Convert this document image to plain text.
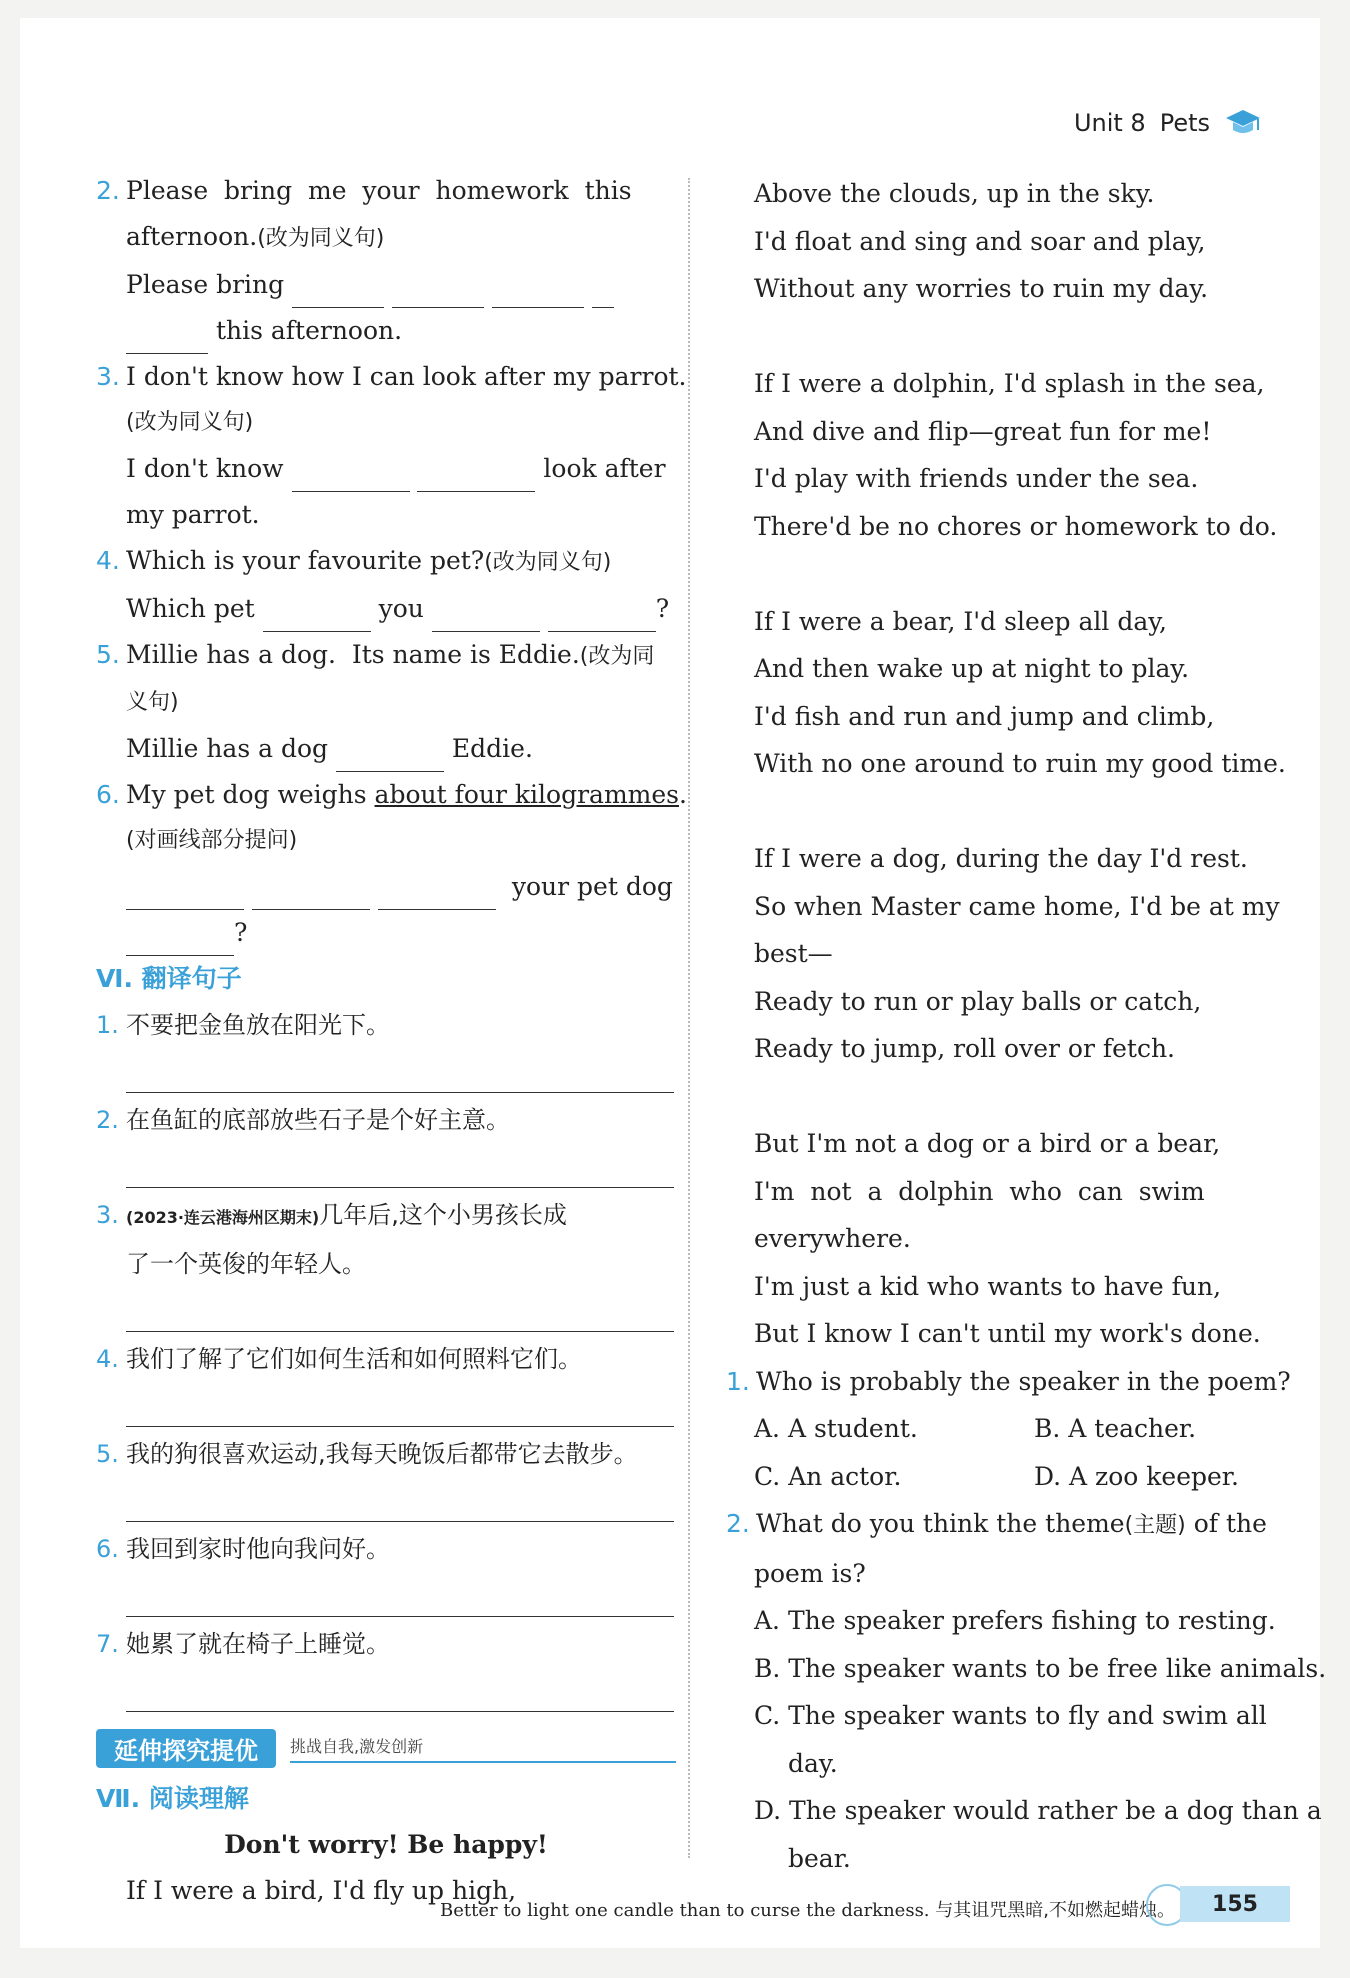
Unit 8 Pets
2. Please  bring  me  your  homework  this
afternoon.(改为同义句)
Please bring
this afternoon.
3. I don't know how I can look after my parrot.
(改为同义句)
I don't know	look after
my parrot.
4. Which is your favourite pet?(改为同义句)
Which pet	you	?
5. Millie has a dog.  Its name is Eddie.(改为同
义句)
Millie has a dog	Eddie.
6. My pet dog weighs about four kilogrammes.
(对画线部分提问)
your pet dog
?
Ⅵ. 翻译句子
1. 不要把金鱼放在阳光下。
2. 在鱼缸的底部放些石子是个好主意。
3. (2023·连云港海州区期末)几年后,这个小男孩长成
了一个英俊的年轻人。
4. 我们了解了它们如何生活和如何照料它们。
5. 我的狗很喜欢运动,我每天晚饭后都带它去散步。
6. 我回到家时他向我问好。
7. 她累了就在椅子上睡觉。
延伸探究提优	挑战自我,激发创新
Ⅶ. 阅读理解
Don't worry! Be happy!
If I were a bird, I'd fly up high,
Above the clouds, up in the sky.
I'd float and sing and soar and play,
Without any worries to ruin my day.
If I were a dolphin, I'd splash in the sea,
And dive and flip—great fun for me!
I'd play with friends under the sea.
There'd be no chores or homework to do.
If I were a bear, I'd sleep all day,
And then wake up at night to play.
I'd fish and run and jump and climb,
With no one around to ruin my good time.
If I were a dog, during the day I'd rest.
So when Master came home, I'd be at my
best—
Ready to run or play balls or catch,
Ready to jump, roll over or fetch.
But I'm not a dog or a bird or a bear,
I'm  not  a  dolphin  who  can  swim
everywhere.
I'm just a kid who wants to have fun,
But I know I can't until my work's done.
1. Who is probably the speaker in the poem?
A. A student.	B. A teacher.
C. An actor.	D. A zoo keeper.
2. What do you think the theme(主题) of the
poem is?
A. The speaker prefers fishing to resting.
B. The speaker wants to be free like animals.
C. The speaker wants to fly and swim all
day.
D. The speaker would rather be a dog than a
bear.
Better to light one candle than to curse the darkness. 与其诅咒黑暗,不如燃起蜡烛。	155
